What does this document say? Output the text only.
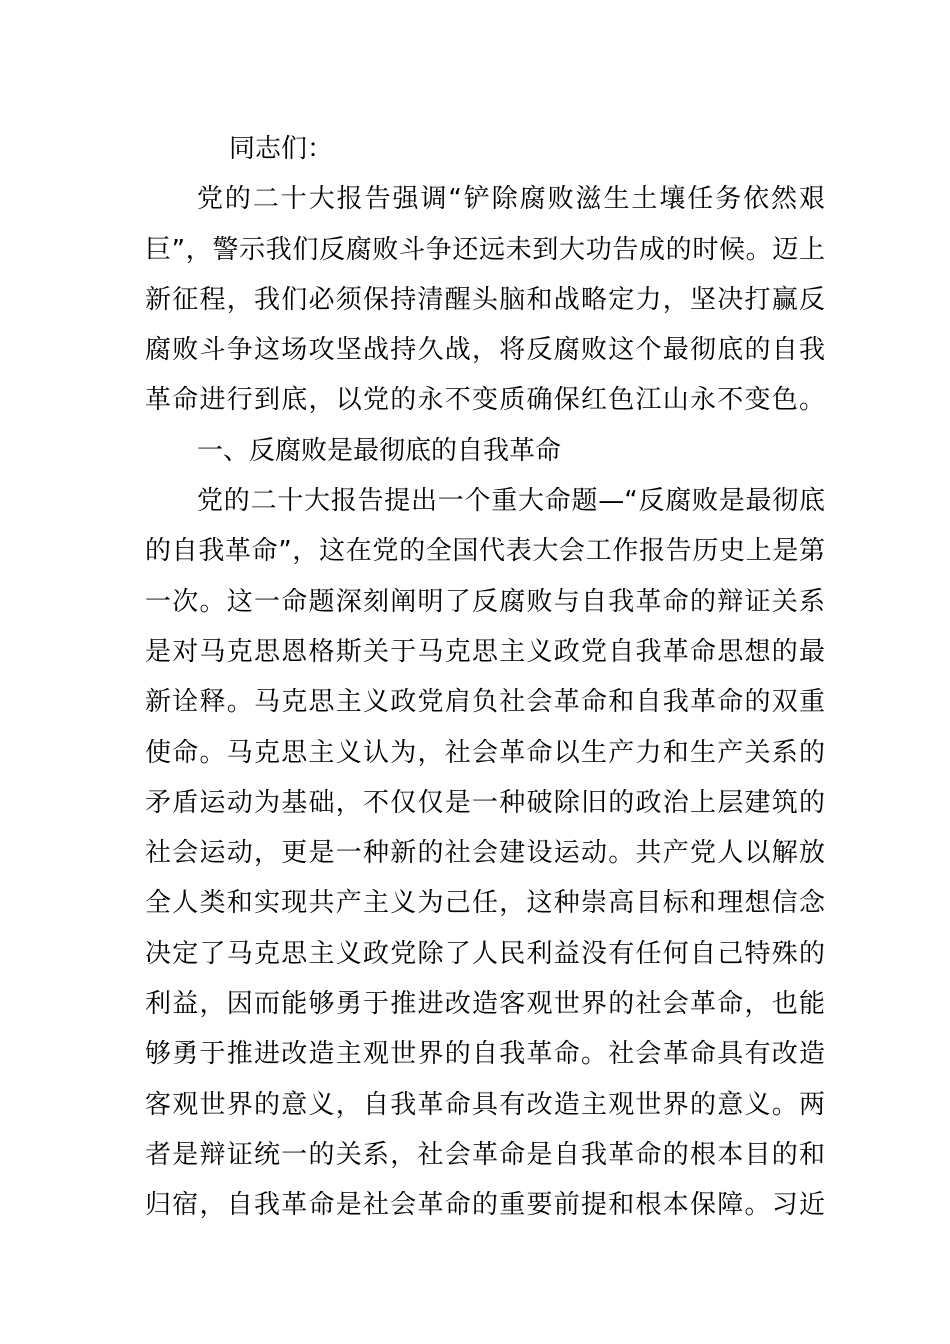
同志们：
党的二十大报告强调“铲除腐败滋生土壤任务依然艰
巨”，警示我们反腐败斗争还远未到大功告成的时候。迈上
新征程，我们必须保持清醒头脑和战略定力，坚决打赢反
腐败斗争这场攻坚战持久战，将反腐败这个最彻底的自我
革命进行到底，以党的永不变质确保红色江山永不变色。
一、反腐败是最彻底的自我革命
党的二十大报告提出一个重大命题—“反腐败是最彻底
的自我革命”，这在党的全国代表大会工作报告历史上是第
一次。这一命题深刻阐明了反腐败与自我革命的辩证关系
是对马克思恩格斯关于马克思主义政党自我革命思想的最
新诠释。马克思主义政党肩负社会革命和自我革命的双重
使命。马克思主义认为，社会革命以生产力和生产关系的
矛盾运动为基础，不仅仅是一种破除旧的政治上层建筑的
社会运动，更是一种新的社会建设运动。共产党人以解放
全人类和实现共产主义为己任，这种崇高目标和理想信念
决定了马克思主义政党除了人民利益没有任何自己特殊的
利益，因而能够勇于推进改造客观世界的社会革命，也能
够勇于推进改造主观世界的自我革命。社会革命具有改造
客观世界的意义，自我革命具有改造主观世界的意义。两
者是辩证统一的关系，社会革命是自我革命的根本目的和
归宿，自我革命是社会革命的重要前提和根本保障。习近
